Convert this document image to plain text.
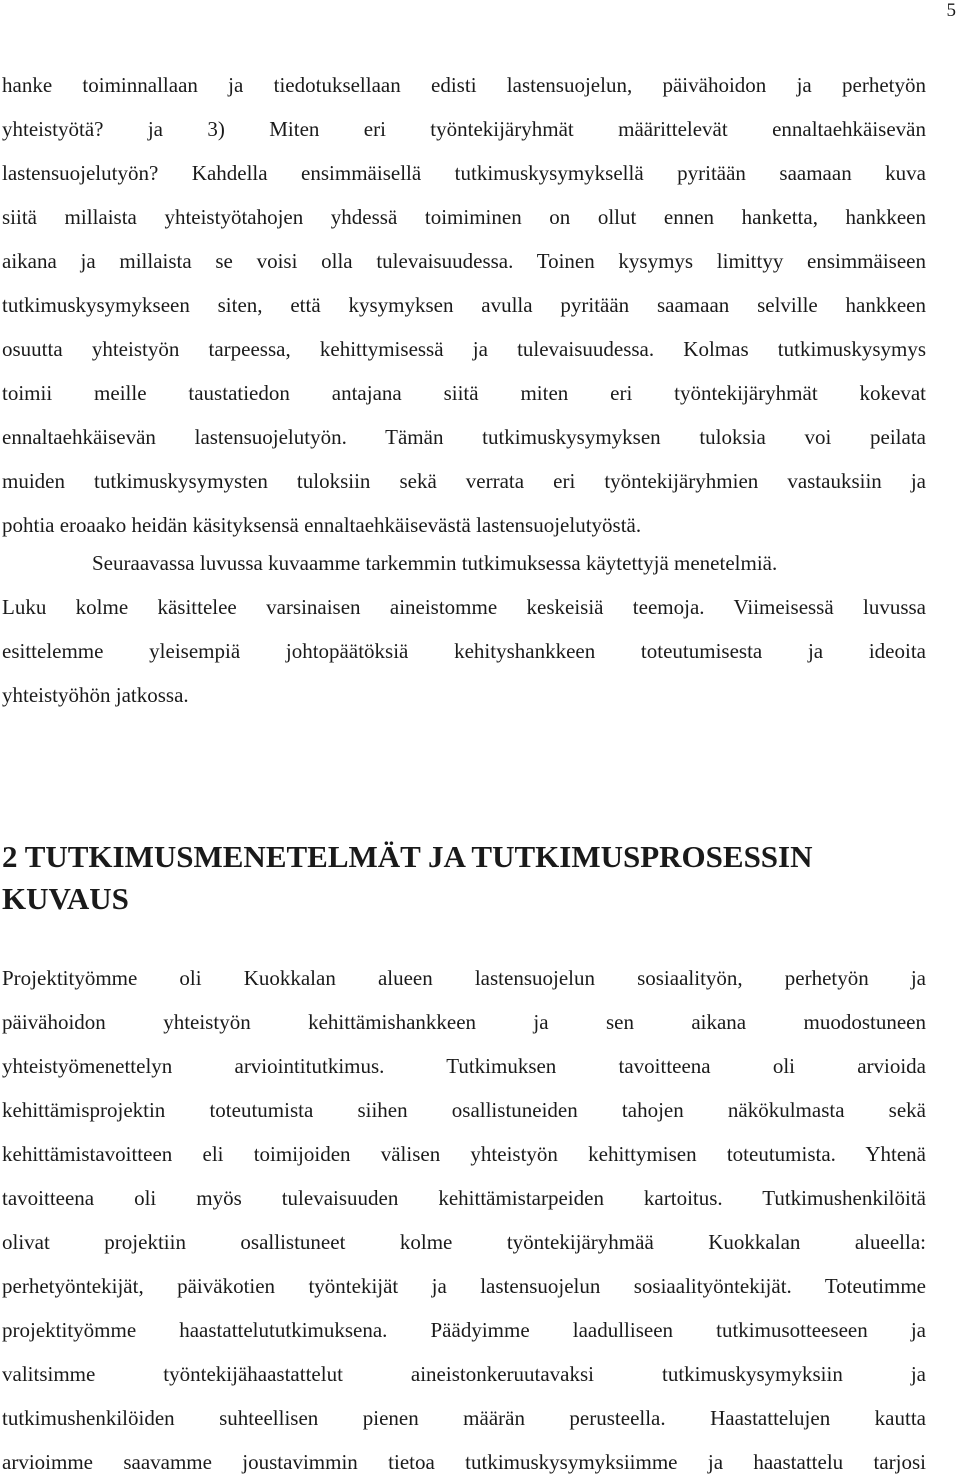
5
hanke toiminnallaan ja tiedotuksellaan edisti lastensuojelun, päivähoidon ja perhetyön
yhteistyötä? ja 3) Miten eri työntekijäryhmät määrittelevät ennaltaehkäisevän
lastensuojelutyön? Kahdella ensimmäisellä tutkimuskysymyksellä pyritään saamaan kuva
siitä millaista yhteistyötahojen yhdessä toimiminen on ollut ennen hanketta, hankkeen
aikana ja millaista se voisi olla tulevaisuudessa. Toinen kysymys limittyy ensimmäiseen
tutkimuskysymykseen siten, että kysymyksen avulla pyritään saamaan selville hankkeen
osuutta yhteistyön tarpeessa, kehittymisessä ja tulevaisuudessa. Kolmas tutkimuskysymys
toimii meille taustatiedon antajana siitä miten eri työntekijäryhmät kokevat
ennaltaehkäisevän lastensuojelutyön. Tämän tutkimuskysymyksen tuloksia voi peilata
muiden tutkimuskysymysten tuloksiin sekä verrata eri työntekijäryhmien vastauksiin ja
pohtia eroaako heidän käsityksensä ennaltaehkäisevästä lastensuojelutyöstä.
Seuraavassa luvussa kuvaamme tarkemmin tutkimuksessa käytettyjä menetelmiä.
Luku kolme käsittelee varsinaisen aineistomme keskeisiä teemoja. Viimeisessä luvussa
esittelemme yleisempiä johtopäätöksiä kehityshankkeen toteutumisesta ja ideoita
yhteistyöhön jatkossa.
2 TUTKIMUSMENETELMÄT JA TUTKIMUSPROSESSIN
KUVAUS
Projektityömme oli Kuokkalan alueen lastensuojelun sosiaalityön, perhetyön ja
päivähoidon yhteistyön kehittämishankkeen ja sen aikana muodostuneen
yhteistyömenettelyn arviointitutkimus. Tutkimuksen tavoitteena oli arvioida
kehittämisprojektin toteutumista siihen osallistuneiden tahojen näkökulmasta sekä
kehittämistavoitteen eli toimijoiden välisen yhteistyön kehittymisen toteutumista. Yhtenä
tavoitteena oli myös tulevaisuuden kehittämistarpeiden kartoitus. Tutkimushenkilöitä
olivat projektiin osallistuneet kolme työntekijäryhmää Kuokkalan alueella:
perhetyöntekijät, päiväkotien työntekijät ja lastensuojelun sosiaalityöntekijät. Toteutimme
projektityömme haastattelututkimuksena. Päädyimme laadulliseen tutkimusotteeseen ja
valitsimme työntekijähaastattelut aineistonkeruutavaksi tutkimuskysymyksiin ja
tutkimushenkilöiden suhteellisen pienen määrän perusteella. Haastattelujen kautta
arvioimme saavamme joustavimmin tietoa tutkimuskysymyksiimme ja haastattelu tarjosi
